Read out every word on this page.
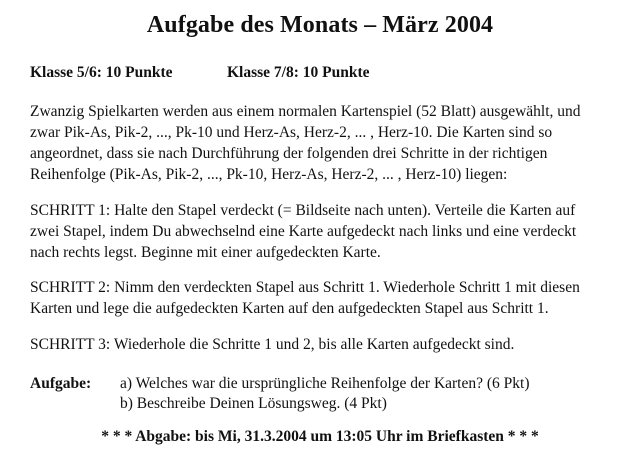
Aufgabe des Monats – März 2004
Klasse 5/6: 10 Punkte	Klasse 7/8: 10 Punkte
Zwanzig Spielkarten werden aus einem normalen Kartenspiel (52 Blatt) ausgewählt, und
zwar Pik-As, Pik-2, ..., Pk-10 und Herz-As, Herz-2, ... , Herz-10. Die Karten sind so
angeordnet, dass sie nach Durchführung der folgenden drei Schritte in der richtigen
Reihenfolge (Pik-As, Pik-2, ..., Pk-10, Herz-As, Herz-2, ... , Herz-10) liegen:
SCHRITT 1: Halte den Stapel verdeckt (= Bildseite nach unten). Verteile die Karten auf
zwei Stapel, indem Du abwechselnd eine Karte aufgedeckt nach links und eine verdeckt
nach rechts legst. Beginne mit einer aufgedeckten Karte.
SCHRITT 2: Nimm den verdeckten Stapel aus Schritt 1. Wiederhole Schritt 1 mit diesen
Karten und lege die aufgedeckten Karten auf den aufgedeckten Stapel aus Schritt 1.
SCHRITT 3: Wiederhole die Schritte 1 und 2, bis alle Karten aufgedeckt sind.
Aufgabe: a) Welches war die ursprüngliche Reihenfolge der Karten? (6 Pkt)
b) Beschreibe Deinen Lösungsweg. (4 Pkt)
* * * Abgabe: bis Mi, 31.3.2004 um 13:05 Uhr im Briefkasten * * *
